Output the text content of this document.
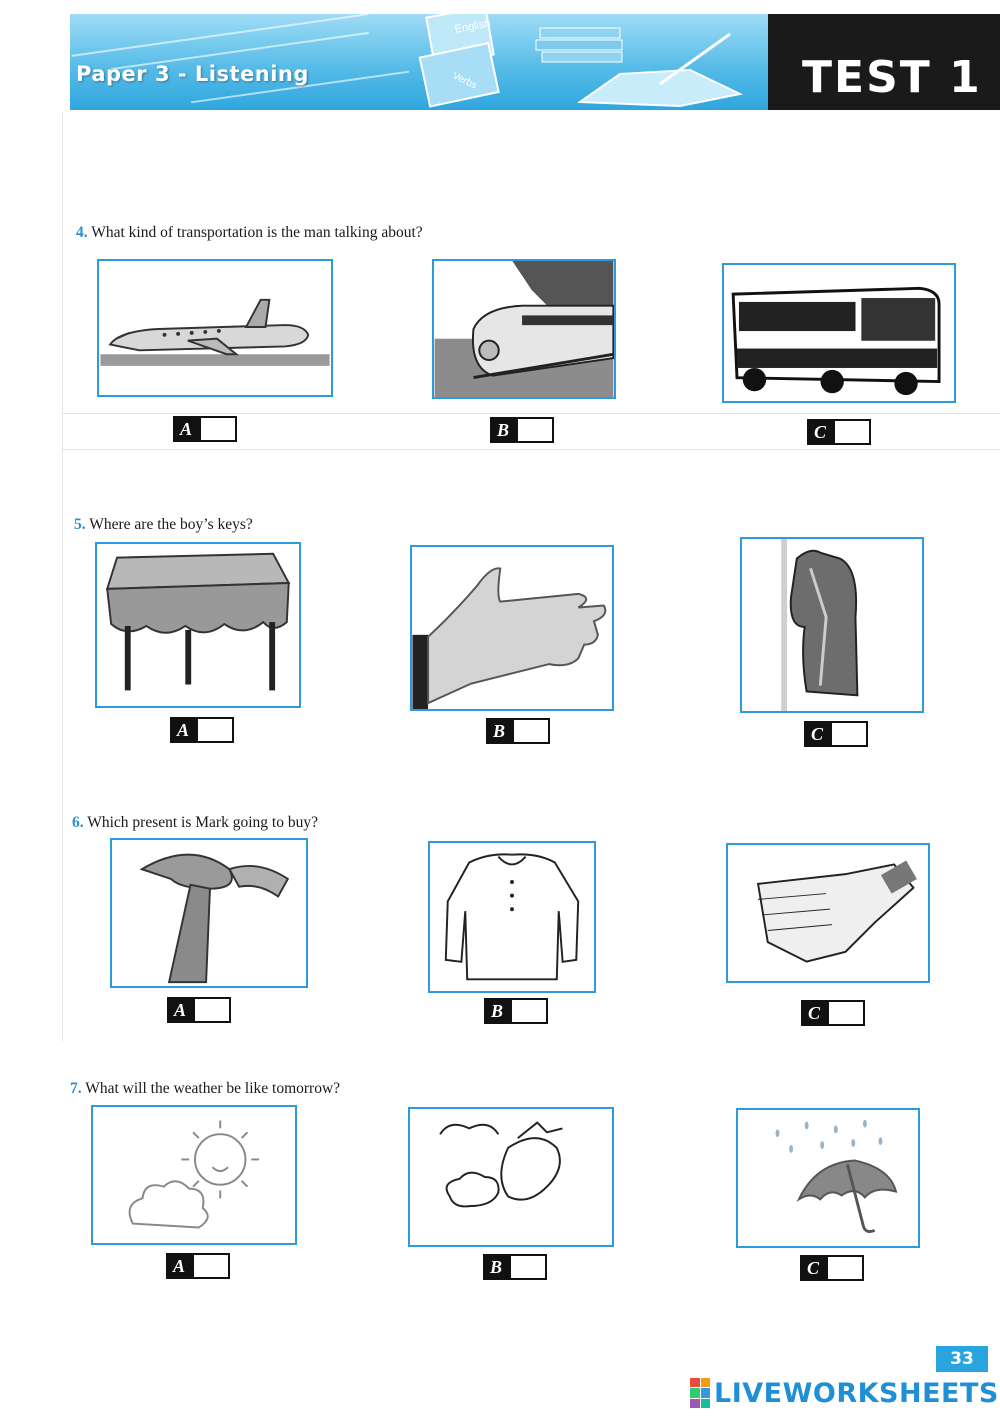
English
Verbs
Paper 3 - Listening	TEST 1
4. What kind of transportation is the man talking about?
A	B	C
5. Where are the boy’s keys?
A	B	C
6. Which present is Mark going to buy?
A	B	C
7. What will the weather be like tomorrow?
A	B	C
33
LIVEWORKSHEETS
